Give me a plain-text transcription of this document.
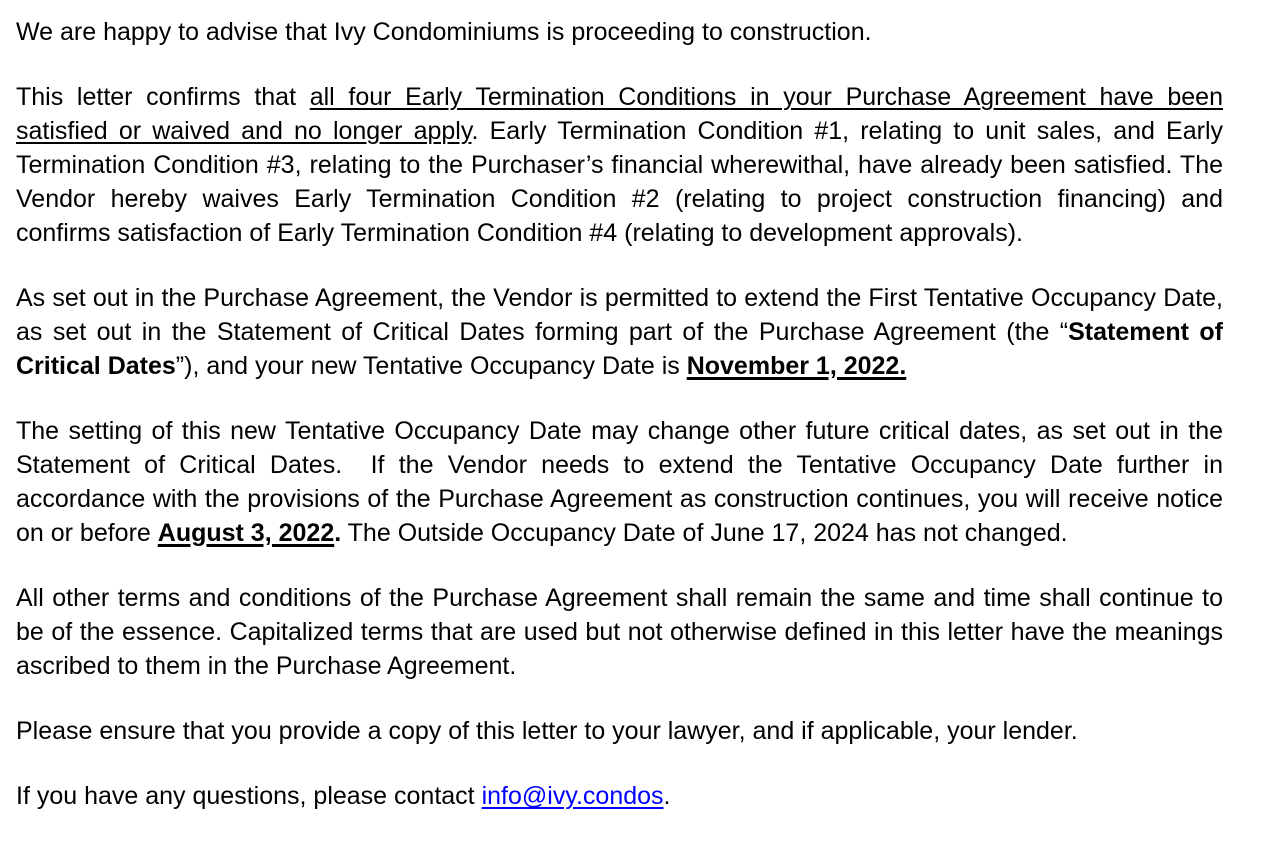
We are happy to advise that Ivy Condominiums is proceeding to construction.

This letter confirms that all four Early Termination Conditions in your Purchase Agreement have been satisfied or waived and no longer apply. Early Termination Condition #1, relating to unit sales, and Early Termination Condition #3, relating to the Purchaser’s financial wherewithal, have already been satisfied. The Vendor hereby waives Early Termination Condition #2 (relating to project construction financing) and confirms satisfaction of Early Termination Condition #4 (relating to development approvals).

As set out in the Purchase Agreement, the Vendor is permitted to extend the First Tentative Occupancy Date, as set out in the Statement of Critical Dates forming part of the Purchase Agreement (the “Statement of Critical Dates”), and your new Tentative Occupancy Date is November 1, 2022.

The setting of this new Tentative Occupancy Date may change other future critical dates, as set out in the Statement of Critical Dates.  If the Vendor needs to extend the Tentative Occupancy Date further in accordance with the provisions of the Purchase Agreement as construction continues, you will receive notice on or before August 3, 2022. The Outside Occupancy Date of June 17, 2024 has not changed.

All other terms and conditions of the Purchase Agreement shall remain the same and time shall continue to be of the essence. Capitalized terms that are used but not otherwise defined in this letter have the meanings ascribed to them in the Purchase Agreement.

Please ensure that you provide a copy of this letter to your lawyer, and if applicable, your lender.

If you have any questions, please contact info@ivy.condos.
